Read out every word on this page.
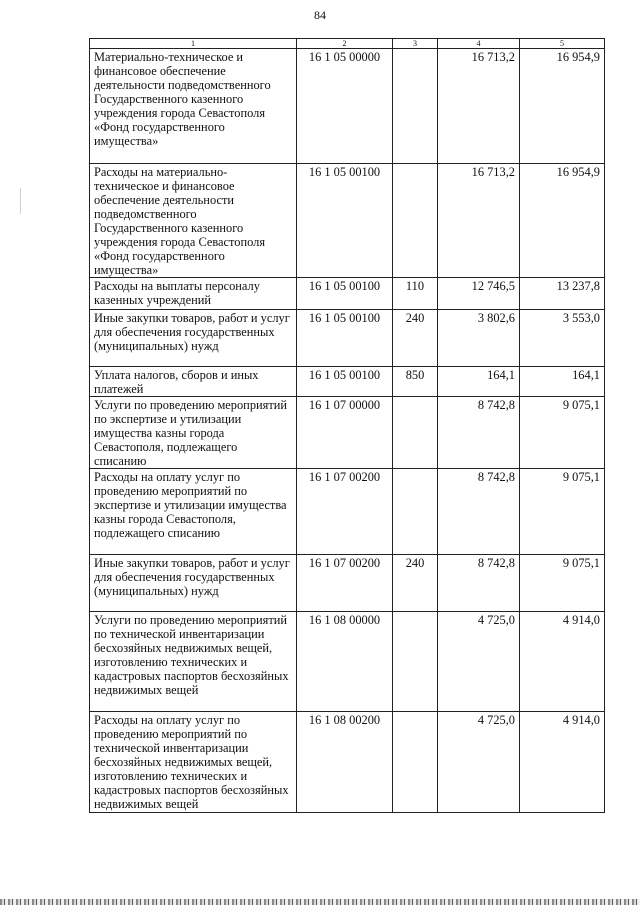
84
1	2	3	4	5
Материально-техническое и финансовое обеспечение деятельности подведомственного Государственного казенного учреждения города Севастополя «Фонд государственного имущества»	16 1 05 00000		16 713,2	16 954,9
Расходы на материально-техническое и финансовое обеспечение деятельности подведомственного Государственного казенного учреждения города Севастополя «Фонд государственного имущества»	16 1 05 00100		16 713,2	16 954,9
Расходы на выплаты персоналу казенных учреждений	16 1 05 00100	110	12 746,5	13 237,8
Иные закупки товаров, работ и услуг для обеспечения государственных (муниципальных) нужд	16 1 05 00100	240	3 802,6	3 553,0
Уплата налогов, сборов и иных платежей	16 1 05 00100	850	164,1	164,1
Услуги по проведению мероприятий по экспертизе и утилизации имущества казны города Севастополя, подлежащего списанию	16 1 07 00000		8 742,8	9 075,1
Расходы на оплату услуг по проведению мероприятий по экспертизе и утилизации имущества казны города Севастополя, подлежащего списанию	16 1 07 00200		8 742,8	9 075,1
Иные закупки товаров, работ и услуг для обеспечения государственных (муниципальных) нужд	16 1 07 00200	240	8 742,8	9 075,1
Услуги по проведению мероприятий по технической инвентаризации бесхозяйных недвижимых вещей, изготовлению технических и кадастровых паспортов бесхозяйных недвижимых вещей	16 1 08 00000		4 725,0	4 914,0
Расходы на оплату услуг по проведению мероприятий по технической инвентаризации бесхозяйных недвижимых вещей, изготовлению технических и кадастровых паспортов бесхозяйных недвижимых вещей	16 1 08 00200		4 725,0	4 914,0
